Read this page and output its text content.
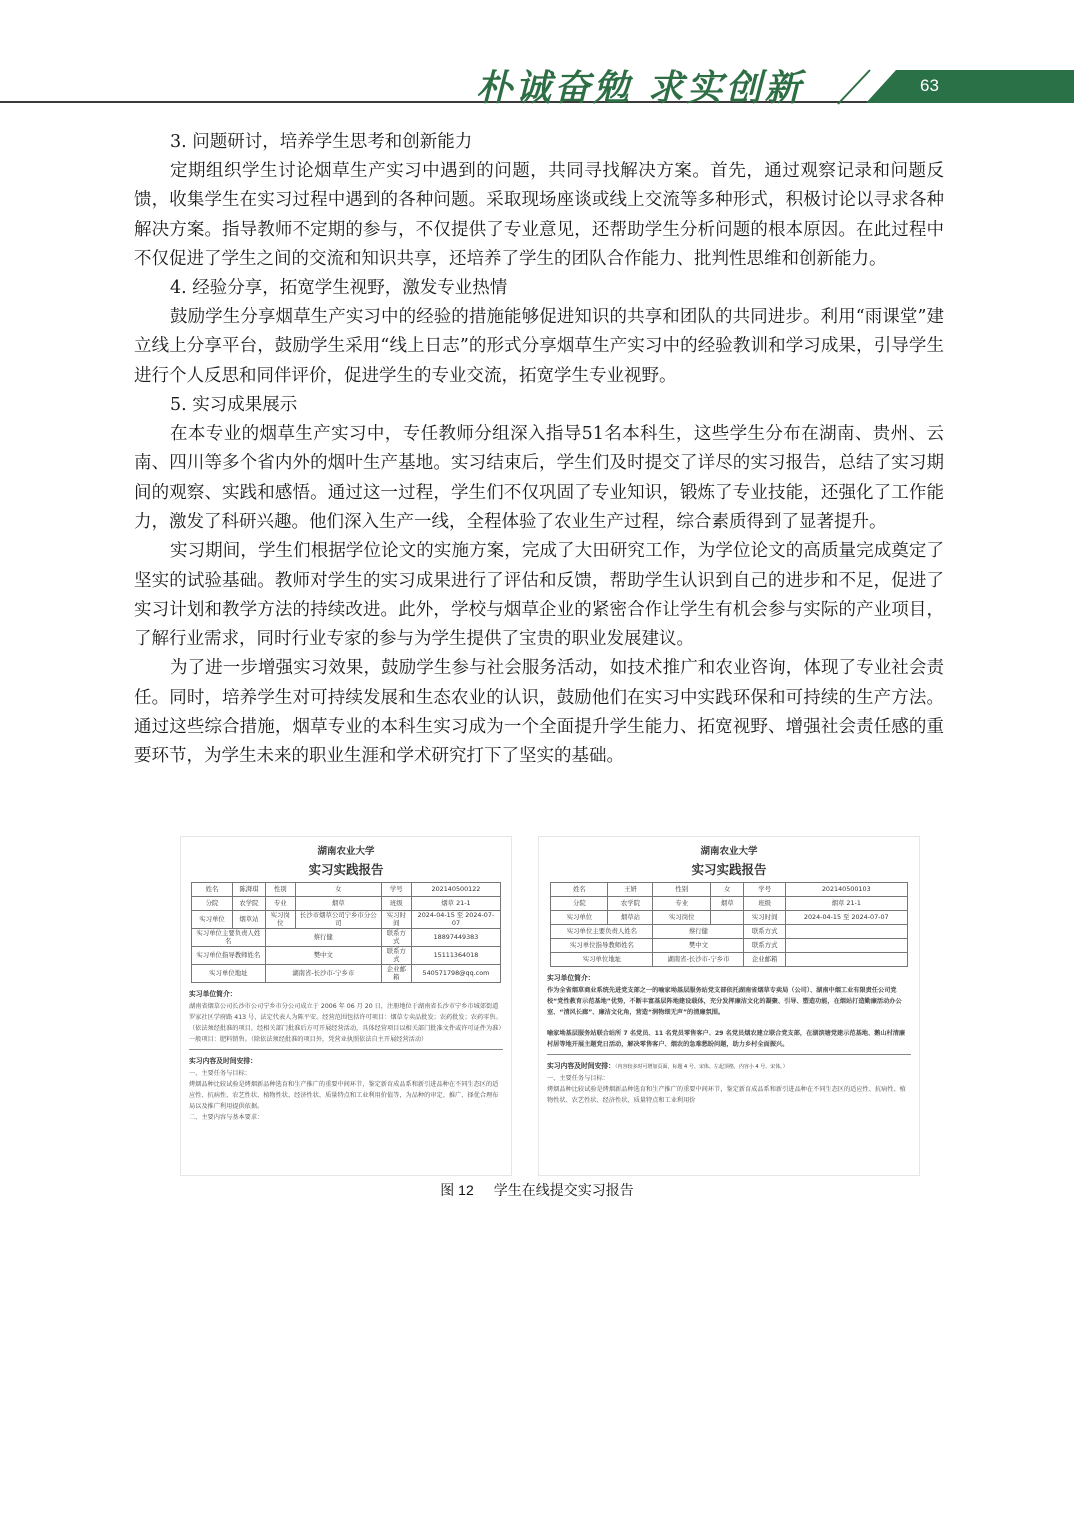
朴诚奋勉 求实创新	63

3. 问题研讨，培养学生思考和创新能力

定期组织学生讨论烟草生产实习中遇到的问题，共同寻找解决方案。首先，通过观察记录和问题反馈，收集学生在实习过程中遇到的各种问题。采取现场座谈或线上交流等多种形式，积极讨论以寻求各种解决方案。指导教师不定期的参与，不仅提供了专业意见，还帮助学生分析问题的根本原因。在此过程中不仅促进了学生之间的交流和知识共享，还培养了学生的团队合作能力、批判性思维和创新能力。

4. 经验分享，拓宽学生视野，激发专业热情

鼓励学生分享烟草生产实习中的经验的措施能够促进知识的共享和团队的共同进步。利用“雨课堂”建立线上分享平台，鼓励学生采用“线上日志”的形式分享烟草生产实习中的经验教训和学习成果，引导学生进行个人反思和同伴评价，促进学生的专业交流，拓宽学生专业视野。

5. 实习成果展示

在本专业的烟草生产实习中，专任教师分组深入指导51名本科生，这些学生分布在湖南、贵州、云南、四川等多个省内外的烟叶生产基地。实习结束后，学生们及时提交了详尽的实习报告，总结了实习期间的观察、实践和感悟。通过这一过程，学生们不仅巩固了专业知识，锻炼了专业技能，还强化了工作能力，激发了科研兴趣。他们深入生产一线，全程体验了农业生产过程，综合素质得到了显著提升。

实习期间，学生们根据学位论文的实施方案，完成了大田研究工作，为学位论文的高质量完成奠定了坚实的试验基础。教师对学生的实习成果进行了评估和反馈，帮助学生认识到自己的进步和不足，促进了实习计划和教学方法的持续改进。此外，学校与烟草企业的紧密合作让学生有机会参与实际的产业项目，了解行业需求，同时行业专家的参与为学生提供了宝贵的职业发展建议。

为了进一步增强实习效果，鼓励学生参与社会服务活动，如技术推广和农业咨询，体现了专业社会责任。同时，培养学生对可持续发展和生态农业的认识，鼓励他们在实习中实践环保和可持续的生产方法。通过这些综合措施，烟草专业的本科生实习成为一个全面提升学生能力、拓宽视野、增强社会责任感的重要环节，为学生未来的职业生涯和学术研究打下了坚实的基础。

湖南农业大学
实习实践报告
姓名	陈湃琪	性别	女	学号	202140500122
分院	农学院	专业	烟草	班级	烟草 21-1
实习单位	烟草站	实习岗位	长沙市烟草公司宁乡市分公司	实习时间	2024-04-15 至 2024-07-07
实习单位主要负责人姓名		蔡行健		联系方式	18897449383
实习单位指导教师姓名		樊中文		联系方式	15111364018
实习单位地址		湖南省-长沙市-宁乡市		企业邮箱	540571798@qq.com
实习单位简介：
湖南省烟草公司长沙市公司宁乡市分公司成立于 2006 年 06 月 20 日，注册地位于湖南省长沙市宁乡市城郊街道罗家社区学府路 413 号，法定代表人为陈平安。经营范围包括许可项目：烟草专卖品批发；农药批发；农药零售。（依法须经批准的项目，经相关部门批准后方可开展经营活动，具体经营项目以相关部门批准文件或许可证件为准）一般项目：肥料销售。（除依法须经批准的项目外，凭营业执照依法自主开展经营活动）
实习内容及时间安排：
一、主要任务与目标：
烤烟品种比较试验是烤烟新品种选育和生产推广的重要中间环节，鉴定新育成品系和新引进品种在不同生态区的适应性、抗病性、农艺性状、植物性状、经济性状、质量特点和工业利用价值等，为品种的审定、推广、择优合理布局以及推广利用提供依据。
二、主要内容与基本要求：
湖南农业大学
实习实践报告
姓名	王妍	性别	女	学号	202140500103
分院	农学院	专业	烟草	班级	烟草 21-1
实习单位	烟草站	实习岗位		实习时间	2024-04-15 至 2024-07-07
实习单位主要负责人姓名		蔡行健		联系方式	
实习单位指导教师姓名		樊中文		联系方式	
实习单位地址		湖南省-长沙市-宁乡市		企业邮箱	
实习单位简介：
作为全省烟草商业系统先进党支部之一的喻家坳基层服务站党支部依托湖南省烟草专卖局（公司）、湖南中烟工业有限责任公司党校“党性教育示范基地”优势，不断丰富基层阵地建设载体，充分发挥廉洁文化的凝聚、引导、塑造功能，在烟站打造勤廉活动办公室、“清风长廊”、廉洁文化角，营造“润物细无声”的清廉氛围。
喻家坳基层服务站联合站所 7 名党员、11 名党员零售客户、29 名党员烟农建立联合党支部，在湖滨塘党建示范基地、鹅山村清廉村居等地开展主题党日活动，解决零售客户、烟农的急难愁盼问题，助力乡村全面振兴。
实习内容及时间安排：（内容较多时可增加页面，标题 4 号、宋体、左起顶格，内容小 4 号、宋体。）
一、主要任务与目标：
烤烟品种比较试验是烤烟新品种选育和生产推广的重要中间环节，鉴定新育成品系和新引进品种在不同生态区的适应性、抗病性、植物性状、农艺性状、经济性状、质量特点和工业利用价
图 12 学生在线提交实习报告
